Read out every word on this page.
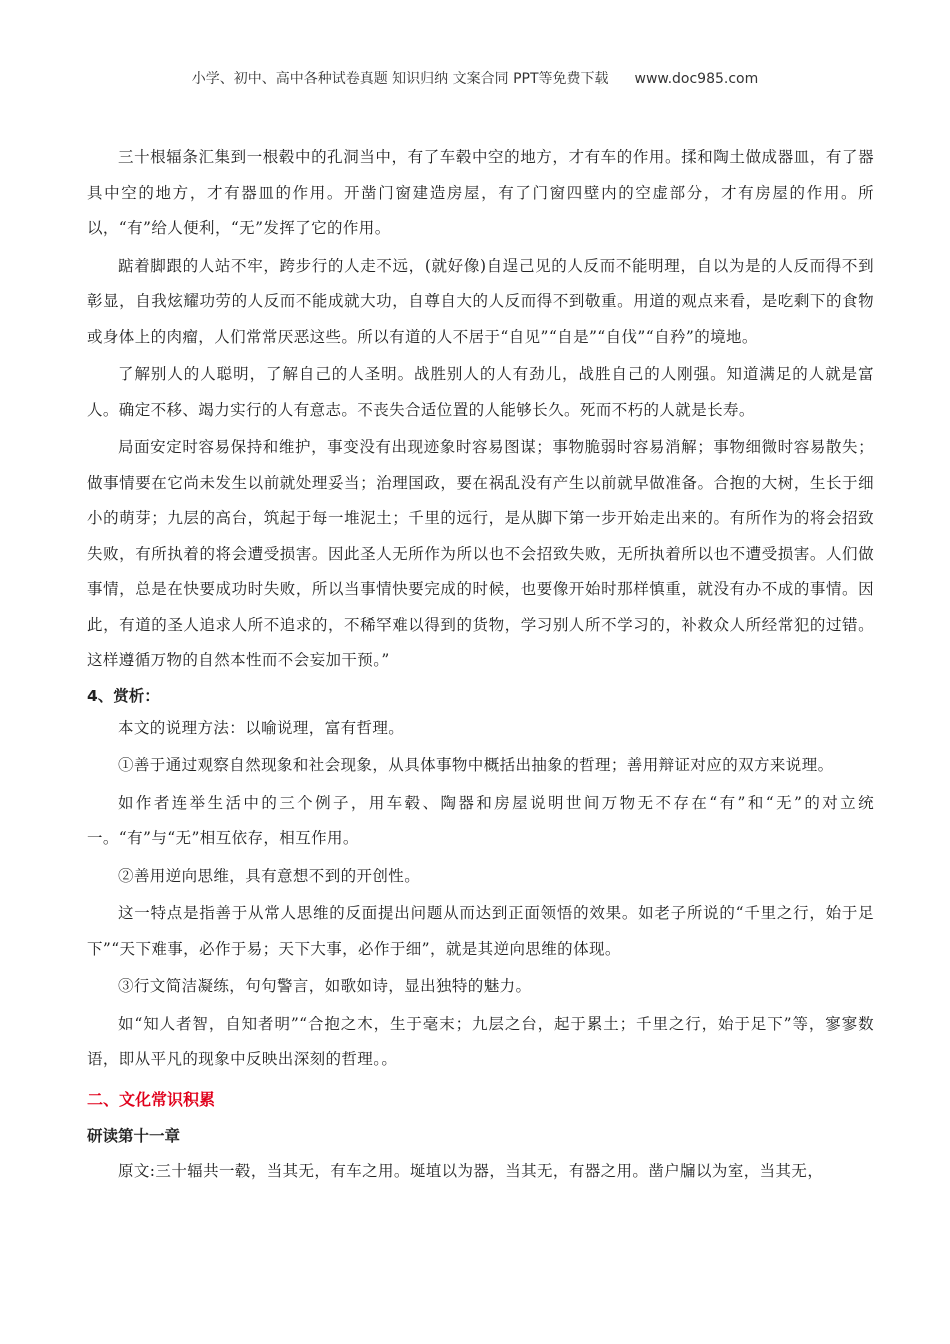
小学、初中、高中各种试卷真题 知识归纳 文案合同 PPT等免费下载 www.doc985.com

三十根辐条汇集到一根毂中的孔洞当中，有了车毂中空的地方，才有车的作用。揉和陶土做成器皿，有了器具中空的地方，才有器皿的作用。开凿门窗建造房屋，有了门窗四壁内的空虚部分，才有房屋的作用。所以，“有”给人便利，“无”发挥了它的作用。

踮着脚跟的人站不牢，跨步行的人走不远，(就好像)自逞己见的人反而不能明理，自以为是的人反而得不到彰显，自我炫耀功劳的人反而不能成就大功，自尊自大的人反而得不到敬重。用道的观点来看，是吃剩下的食物或身体上的肉瘤，人们常常厌恶这些。所以有道的人不居于“自见”“自是”“自伐”“自矜”的境地。

了解别人的人聪明，了解自己的人圣明。战胜别人的人有劲儿，战胜自己的人刚强。知道满足的人就是富人。确定不移、竭力实行的人有意志。不丧失合适位置的人能够长久。死而不朽的人就是长寿。

局面安定时容易保持和维护，事变没有出现迹象时容易图谋；事物脆弱时容易消解；事物细微时容易散失；做事情要在它尚未发生以前就处理妥当；治理国政，要在祸乱没有产生以前就早做准备。合抱的大树，生长于细小的萌芽；九层的高台，筑起于每一堆泥土；千里的远行，是从脚下第一步开始走出来的。有所作为的将会招致失败，有所执着的将会遭受损害。因此圣人无所作为所以也不会招致失败，无所执着所以也不遭受损害。人们做事情，总是在快要成功时失败，所以当事情快要完成的时候，也要像开始时那样慎重，就没有办不成的事情。因此，有道的圣人追求人所不追求的，不稀罕难以得到的货物，学习别人所不学习的，补救众人所经常犯的过错。这样遵循万物的自然本性而不会妄加干预。”

4、赏析：

本文的说理方法：以喻说理，富有哲理。

①善于通过观察自然现象和社会现象，从具体事物中概括出抽象的哲理；善用辩证对应的双方来说理。

如作者连举生活中的三个例子，用车毂、陶器和房屋说明世间万物无不存在“有”和“无”的对立统一。“有”与“无”相互依存，相互作用。

②善用逆向思维，具有意想不到的开创性。

这一特点是指善于从常人思维的反面提出问题从而达到正面领悟的效果。如老子所说的“千里之行，始于足下”“天下难事，必作于易；天下大事，必作于细”，就是其逆向思维的体现。

③行文简洁凝练，句句警言，如歌如诗，显出独特的魅力。

如“知人者智，自知者明”“合抱之木，生于毫末；九层之台，起于累土；千里之行，始于足下”等，寥寥数语，即从平凡的现象中反映出深刻的哲理。。

二、文化常识积累
研读第十一章

原文:三十辐共一毂，当其无，有车之用。埏埴以为器，当其无，有器之用。凿户牖以为室，当其无，
